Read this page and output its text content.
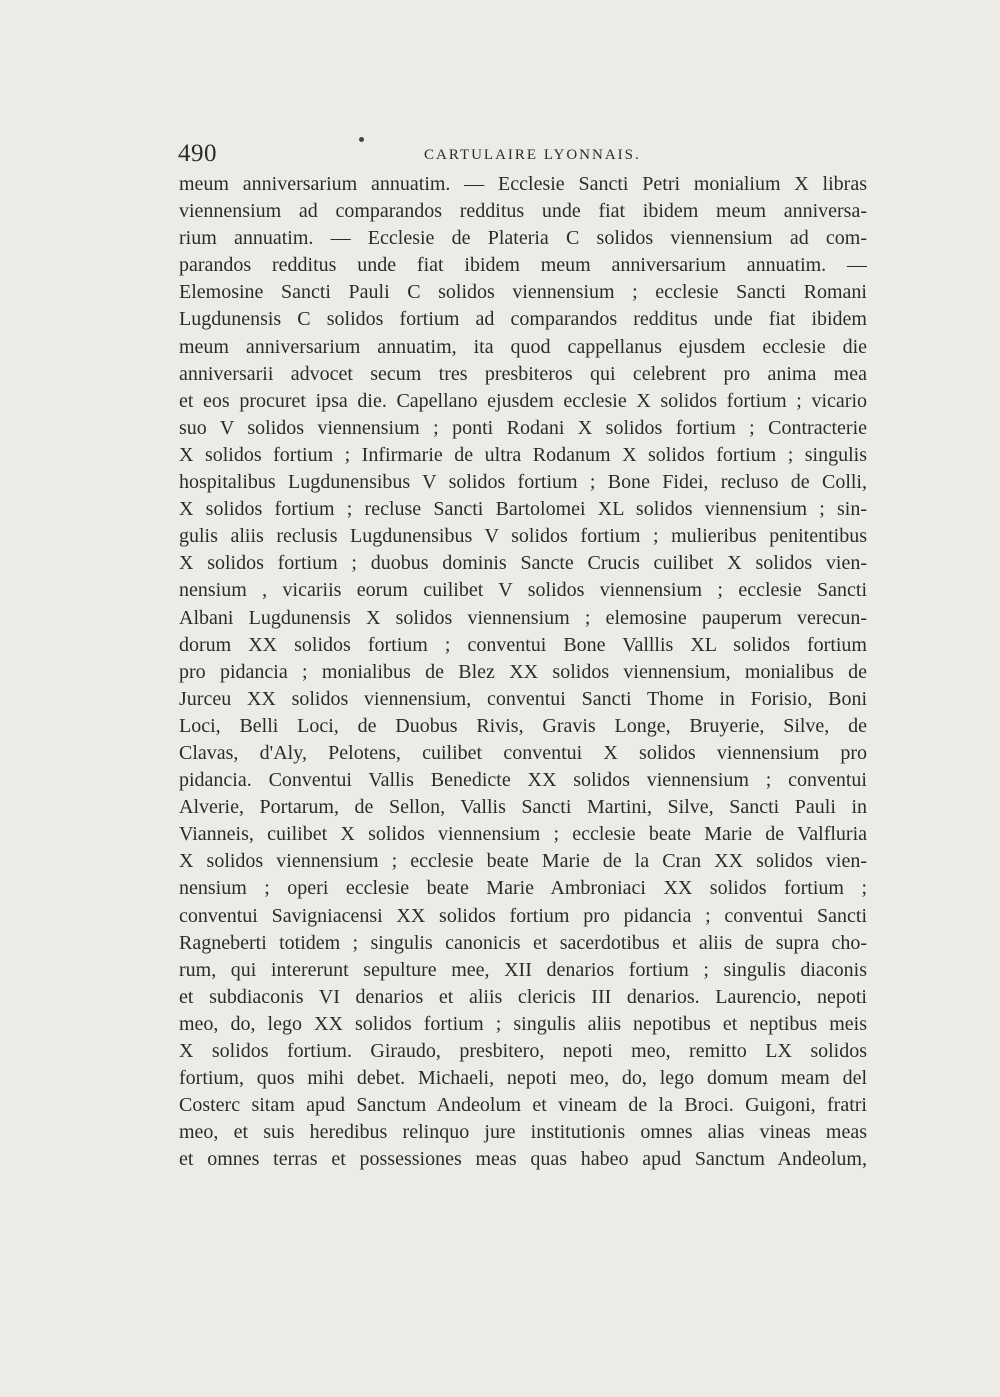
490	CARTULAIRE LYONNAIS.
meum anniversarium annuatim. — Ecclesie Sancti Petri monialium X libras
viennensium ad comparandos redditus unde fiat ibidem meum anniversa-
rium annuatim. — Ecclesie de Plateria C solidos viennensium ad com-
parandos redditus unde fiat ibidem meum anniversarium annuatim. —
Elemosine Sancti Pauli C solidos viennensium ; ecclesie Sancti Romani
Lugdunensis C solidos fortium ad comparandos redditus unde fiat ibidem
meum anniversarium annuatim, ita quod cappellanus ejusdem ecclesie die
anniversarii advocet secum tres presbiteros qui celebrent pro anima mea
et eos procuret ipsa die. Capellano ejusdem ecclesie X solidos fortium ; vicario
suo V solidos viennensium ; ponti Rodani X solidos fortium ; Contracterie
X solidos fortium ; Infirmarie de ultra Rodanum X solidos fortium ; singulis
hospitalibus Lugdunensibus V solidos fortium ; Bone Fidei, recluso de Colli,
X solidos fortium ; recluse Sancti Bartolomei XL solidos viennensium ; sin-
gulis aliis reclusis Lugdunensibus V solidos fortium ; mulieribus penitentibus
X solidos fortium ; duobus dominis Sancte Crucis cuilibet X solidos vien-
nensium , vicariis eorum cuilibet V solidos viennensium ; ecclesie Sancti
Albani Lugdunensis X solidos viennensium ; elemosine pauperum verecun-
dorum XX solidos fortium ; conventui Bone Valllis XL solidos fortium
pro pidancia ; monialibus de Blez XX solidos viennensium, monialibus de
Jurceu XX solidos viennensium, conventui Sancti Thome in Forisio, Boni
Loci, Belli Loci, de Duobus Rivis, Gravis Longe, Bruyerie, Silve, de
Clavas, d'Aly, Pelotens, cuilibet conventui X solidos viennensium pro
pidancia. Conventui Vallis Benedicte XX solidos viennensium ; conventui
Alverie, Portarum, de Sellon, Vallis Sancti Martini, Silve, Sancti Pauli in
Vianneis, cuilibet X solidos viennensium ; ecclesie beate Marie de Valfluria
X solidos viennensium ; ecclesie beate Marie de la Cran XX solidos vien-
nensium ; operi ecclesie beate Marie Ambroniaci XX solidos fortium ;
conventui Savigniacensi XX solidos fortium pro pidancia ; conventui Sancti
Ragneberti totidem ; singulis canonicis et sacerdotibus et aliis de supra cho-
rum, qui intererunt sepulture mee, XII denarios fortium ; singulis diaconis
et subdiaconis VI denarios et aliis clericis III denarios. Laurencio, nepoti
meo, do, lego XX solidos fortium ; singulis aliis nepotibus et neptibus meis
X solidos fortium. Giraudo, presbitero, nepoti meo, remitto LX solidos
fortium, quos mihi debet. Michaeli, nepoti meo, do, lego domum meam del
Costerc sitam apud Sanctum Andeolum et vineam de la Broci. Guigoni, fratri
meo, et suis heredibus relinquo jure institutionis omnes alias vineas meas
et omnes terras et possessiones meas quas habeo apud Sanctum Andeolum,
